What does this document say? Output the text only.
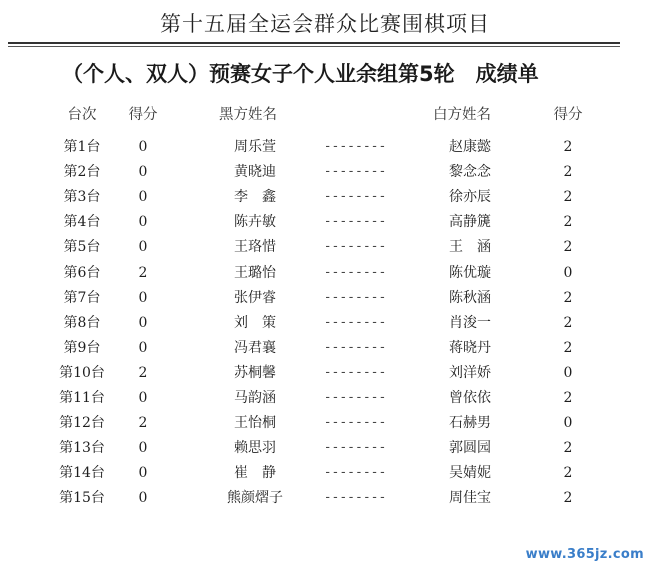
第十五届全运会群众比赛围棋项目
（个人、双人）预赛女子个人业余组第5轮　成绩单
台次 得分	黑方姓名	白方姓名	得分
第1台	0	周乐萱	--------	赵康懿	2
第2台	0	黄晓迪	--------	黎念念	2
第3台	0	李　鑫	--------	徐亦辰	2
第4台	0	陈卉敏	--------	高静篪	2
第5台	0	王珞惜	--------	王　涵	2
第6台	2	王璐怡	--------	陈优璇	0
第7台	0	张伊睿	--------	陈秋涵	2
第8台	0	刘　策	--------	肖浚一	2
第9台	0	冯君襄	--------	蒋晓丹	2
第10台 2	苏桐馨	--------	刘洋娇	0
第11台 0	马韵涵	--------	曾依依	2
第12台 2	王怡桐	--------	石赫男	0
第13台 0	赖思羽	--------	郭圆园	2
第14台 0	崔　静	--------	吴婧妮	2
第15台 0	熊颜熠子	--------	周佳宝	2
www.365jz.com
